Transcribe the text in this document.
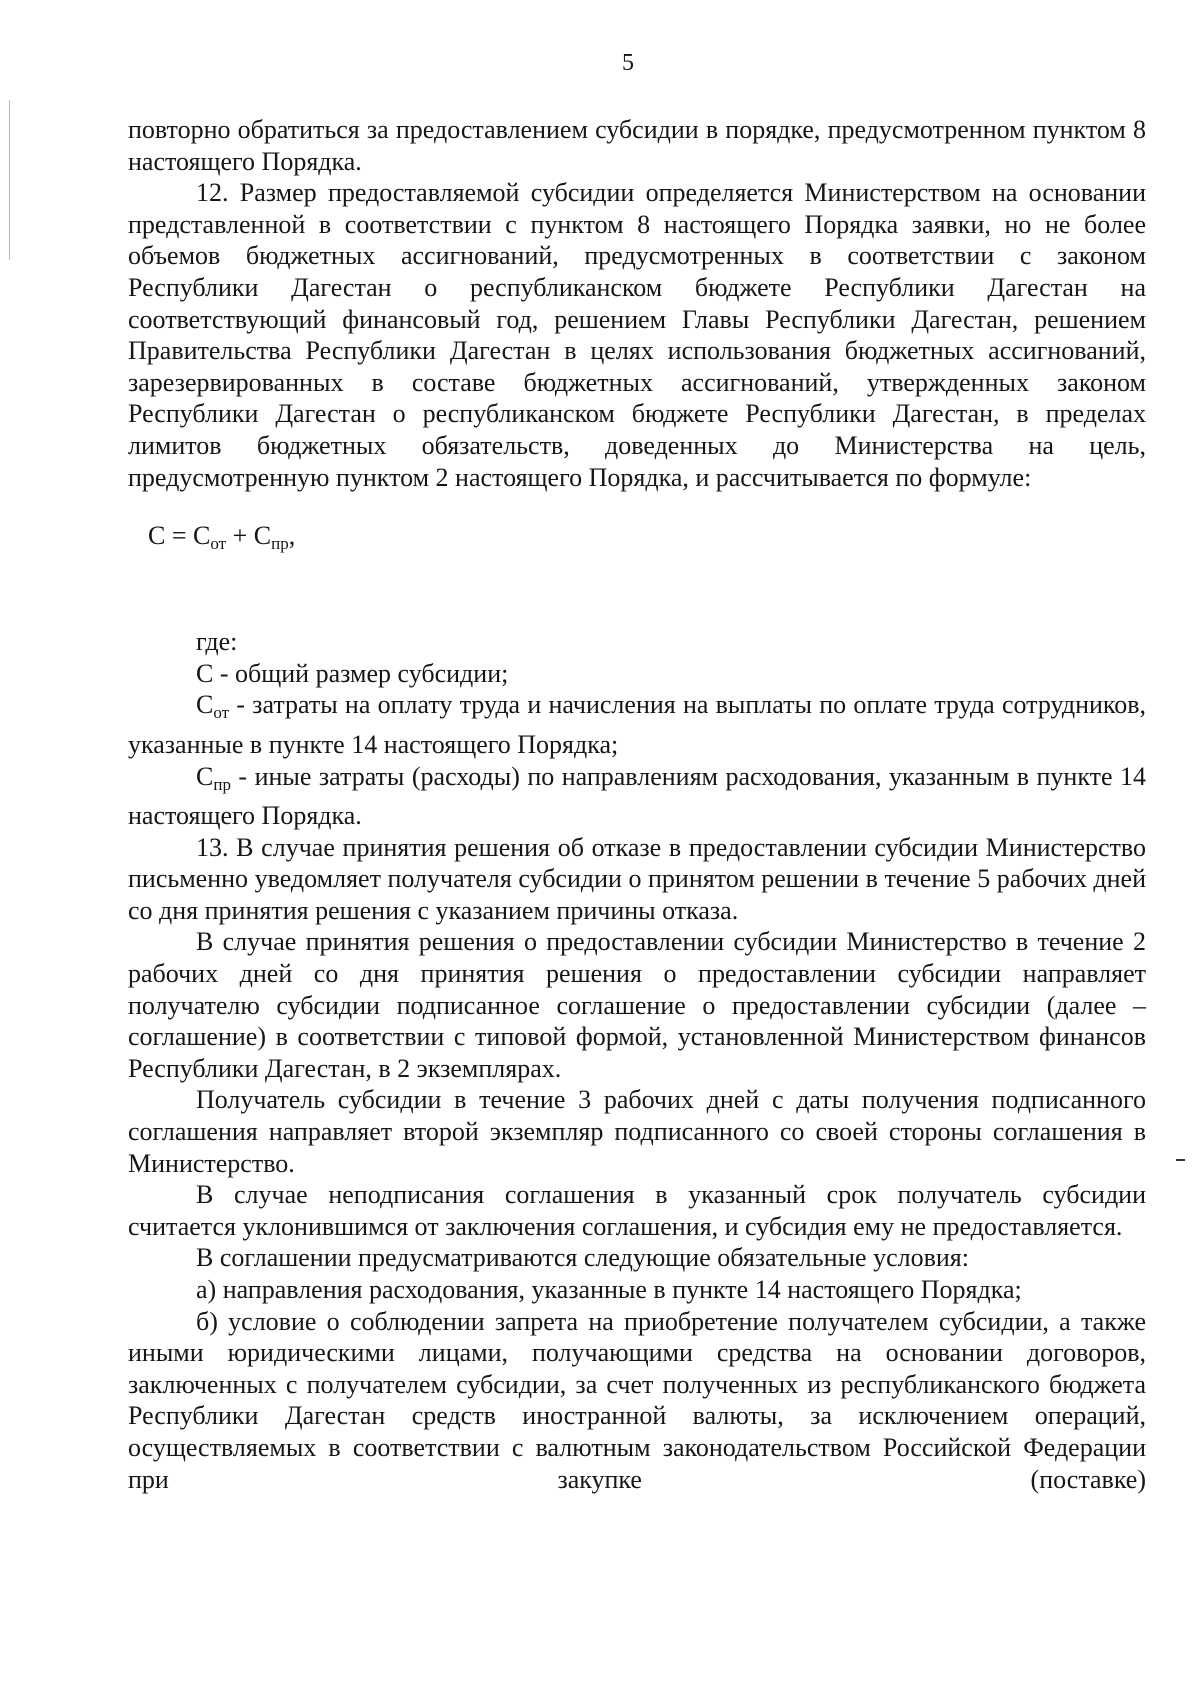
5

повторно обратиться за предоставлением субсидии в порядке, предусмотренном пунктом 8 настоящего Порядка.

12. Размер предоставляемой субсидии определяется Министерством на основании представленной в соответствии с пунктом 8 настоящего Порядка заявки, но не более объемов бюджетных ассигнований, предусмотренных в соответствии с законом Республики Дагестан о республиканском бюджете Республики Дагестан на соответствующий финансовый год, решением Главы Республики Дагестан, решением Правительства Республики Дагестан в целях использования бюджетных ассигнований, зарезервированных в составе бюджетных ассигнований, утвержденных законом Республики Дагестан о республиканском бюджете Республики Дагестан, в пределах лимитов бюджетных обязательств, доведенных до Министерства на цель, предусмотренную пунктом 2 настоящего Порядка, и рассчитывается по формуле:

$С = С_{от} + С_{пр}$,

где:

С - общий размер субсидии;

$С_{от}$ - затраты на оплату труда и начисления на выплаты по оплате труда сотрудников, указанные в пункте 14 настоящего Порядка;

$С_{пр}$ - иные затраты (расходы) по направлениям расходования, указанным в пункте 14 настоящего Порядка.

13. В случае принятия решения об отказе в предоставлении субсидии Министерство письменно уведомляет получателя субсидии о принятом решении в течение 5 рабочих дней со дня принятия решения с указанием причины отказа.

В случае принятия решения о предоставлении субсидии Министерство в течение 2 рабочих дней со дня принятия решения о предоставлении субсидии направляет получателю субсидии подписанное соглашение о предоставлении субсидии (далее – соглашение) в соответствии с типовой формой, установленной Министерством финансов Республики Дагестан, в 2 экземплярах.

Получатель субсидии в течение 3 рабочих дней с даты получения подписанного соглашения направляет второй экземпляр подписанного со своей стороны соглашения в Министерство.

В случае неподписания соглашения в указанный срок получатель субсидии считается уклонившимся от заключения соглашения, и субсидия ему не предоставляется.

В соглашении предусматриваются следующие обязательные условия:

а) направления расходования, указанные в пункте 14 настоящего Порядка;

б) условие о соблюдении запрета на приобретение получателем субсидии, а также иными юридическими лицами, получающими средства на основании договоров, заключенных с получателем субсидии, за счет полученных из республиканского бюджета Республики Дагестан средств иностранной валюты, за исключением операций, осуществляемых в соответствии с валютным законодательством Российской Федерации при закупке (поставке)
